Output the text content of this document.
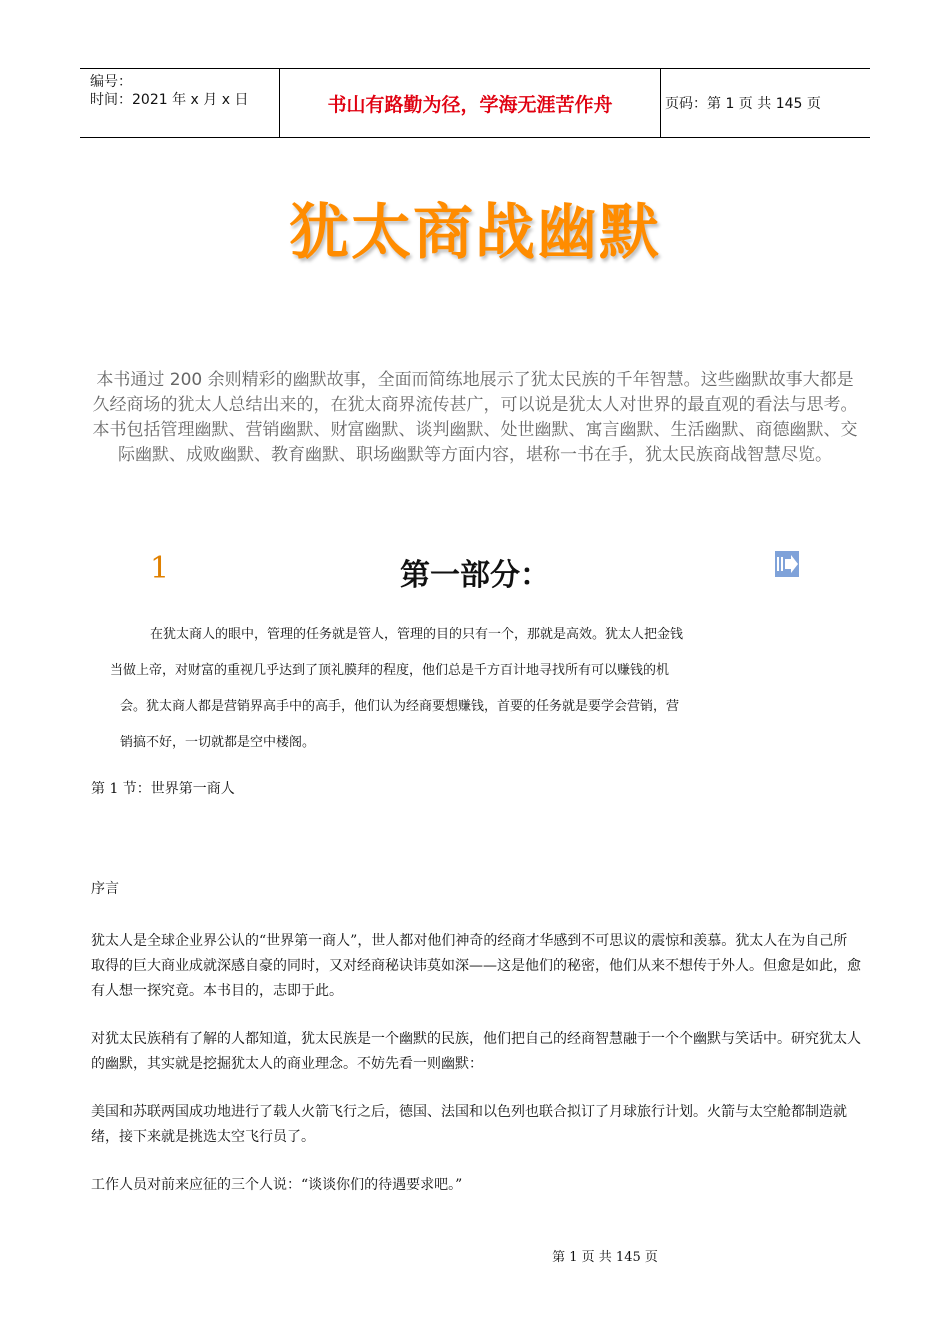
编号：
时间：2021 年 x 月 x 日	书山有路勤为径，学海无涯苦作舟	页码：第 1 页 共 145 页
犹太商战幽默
本书通过 200 余则精彩的幽默故事，全面而简练地展示了犹太民族的千年智慧。这些幽默故事大都是久经商场的犹太人总结出来的，在犹太商界流传甚广，可以说是犹太人对世界的最直观的看法与思考。本书包括管理幽默、营销幽默、财富幽默、谈判幽默、处世幽默、寓言幽默、生活幽默、商德幽默、交际幽默、成败幽默、教育幽默、职场幽默等方面内容，堪称一书在手，犹太民族商战智慧尽览。
1	第一部分：

在犹太商人的眼中，管理的任务就是管人，管理的目的只有一个，那就是高效。犹太人把金钱

当做上帝，对财富的重视几乎达到了顶礼膜拜的程度，他们总是千方百计地寻找所有可以赚钱的机

会。犹太商人都是营销界高手中的高手，他们认为经商要想赚钱，首要的任务就是要学会营销，营

销搞不好，一切就都是空中楼阁。

第 1 节：世界第一商人
序言

犹太人是全球企业界公认的“世界第一商人”，世人都对他们神奇的经商才华感到不可思议的震惊和羡慕。犹太人在为自己所取得的巨大商业成就深感自豪的同时，又对经商秘诀讳莫如深——这是他们的秘密，他们从来不想传于外人。但愈是如此，愈有人想一探究竟。本书目的，志即于此。

对犹太民族稍有了解的人都知道，犹太民族是一个幽默的民族，他们把自己的经商智慧融于一个个幽默与笑话中。研究犹太人的幽默，其实就是挖掘犹太人的商业理念。不妨先看一则幽默：

美国和苏联两国成功地进行了载人火箭飞行之后，德国、法国和以色列也联合拟订了月球旅行计划。火箭与太空舱都制造就绪，接下来就是挑选太空飞行员了。

工作人员对前来应征的三个人说：“谈谈你们的待遇要求吧。”

第 1 页 共 145 页
